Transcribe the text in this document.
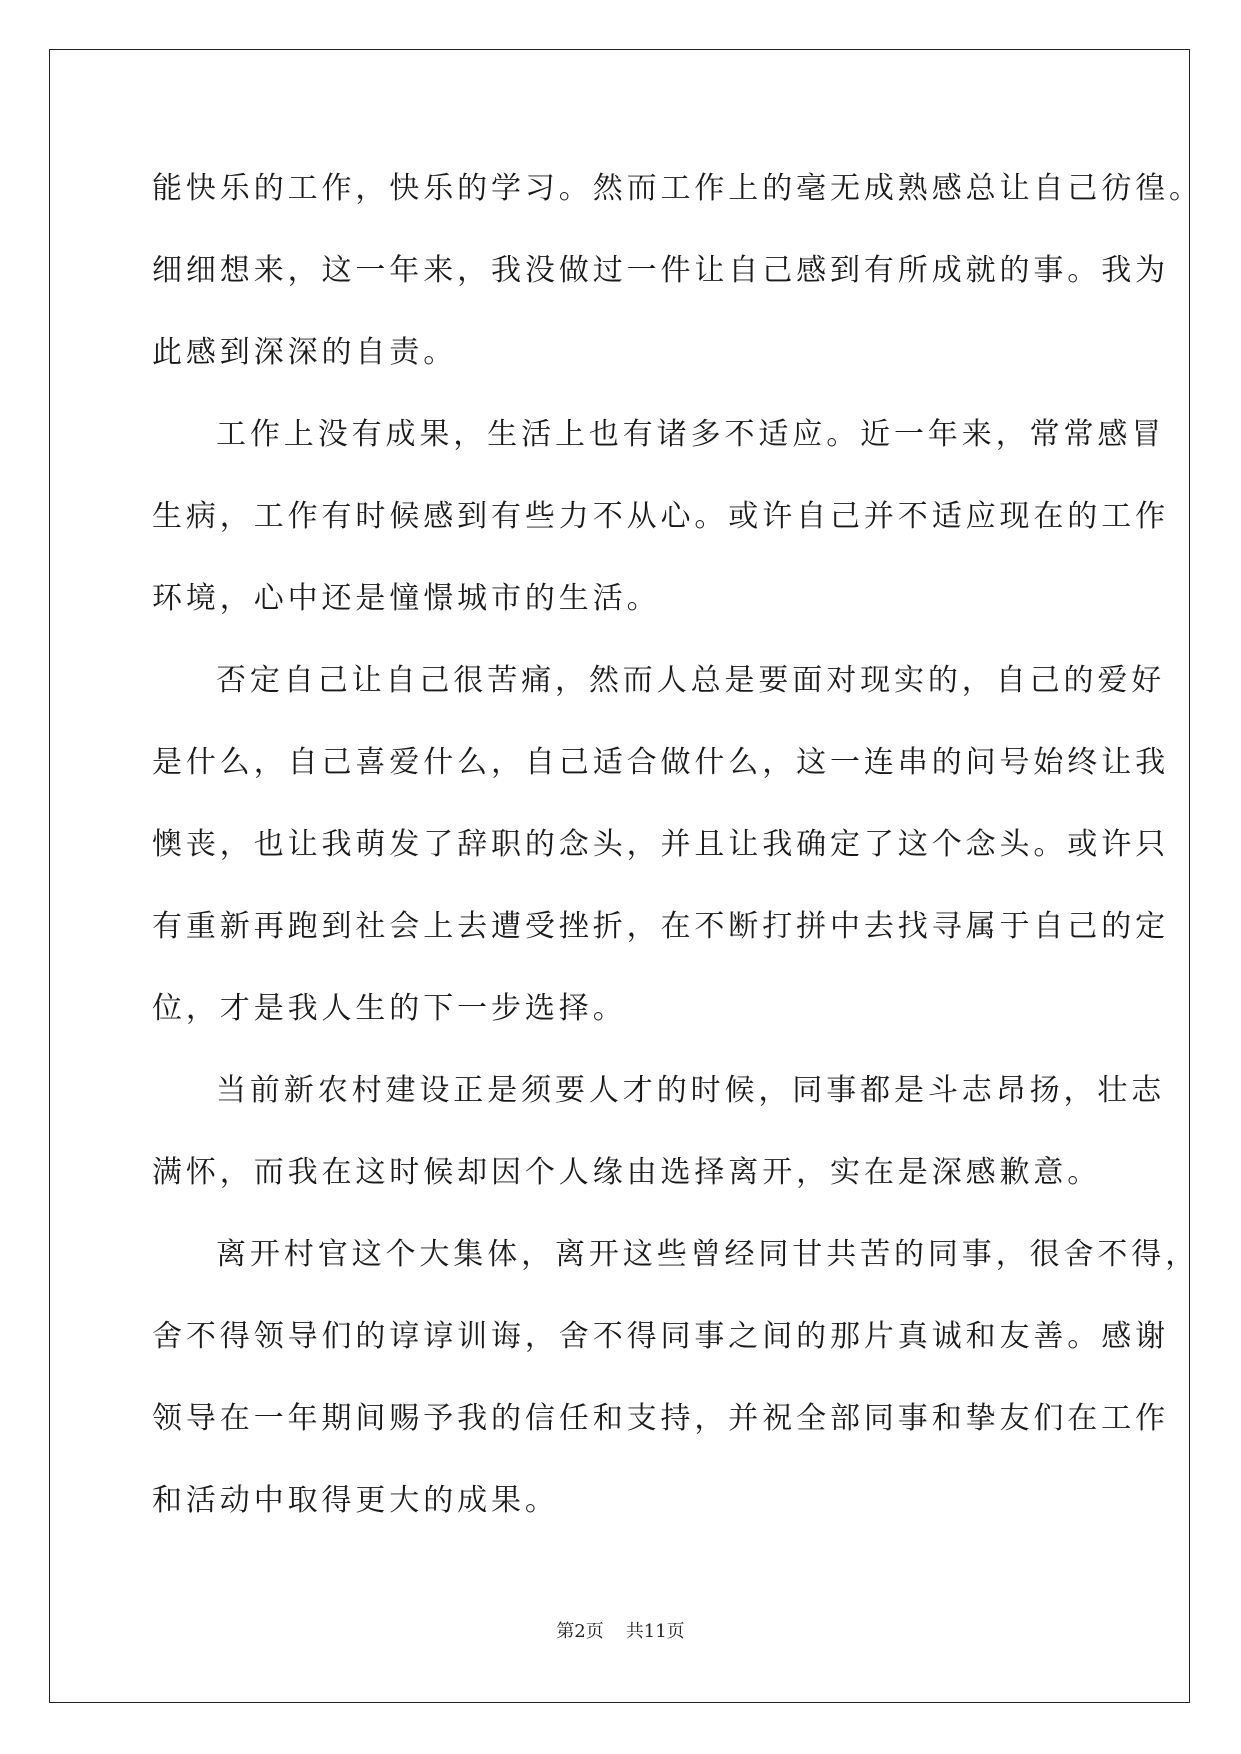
能快乐的工作，快乐的学习。然而工作上的毫无成熟感总让自己彷徨。
细细想来，这一年来，我没做过一件让自己感到有所成就的事。我为
此感到深深的自责。
工作上没有成果，生活上也有诸多不适应。近一年来，常常感冒
生病，工作有时候感到有些力不从心。或许自己并不适应现在的工作
环境，心中还是憧憬城市的生活。
否定自己让自己很苦痛，然而人总是要面对现实的，自己的爱好
是什么，自己喜爱什么，自己适合做什么，这一连串的问号始终让我
懊丧，也让我萌发了辞职的念头，并且让我确定了这个念头。或许只
有重新再跑到社会上去遭受挫折，在不断打拼中去找寻属于自己的定
位，才是我人生的下一步选择。
当前新农村建设正是须要人才的时候，同事都是斗志昂扬，壮志
满怀，而我在这时候却因个人缘由选择离开，实在是深感歉意。
离开村官这个大集体，离开这些曾经同甘共苦的同事，很舍不得，
舍不得领导们的谆谆训诲，舍不得同事之间的那片真诚和友善。感谢
领导在一年期间赐予我的信任和支持，并祝全部同事和挚友们在工作
和活动中取得更大的成果。
第2页 共11页
